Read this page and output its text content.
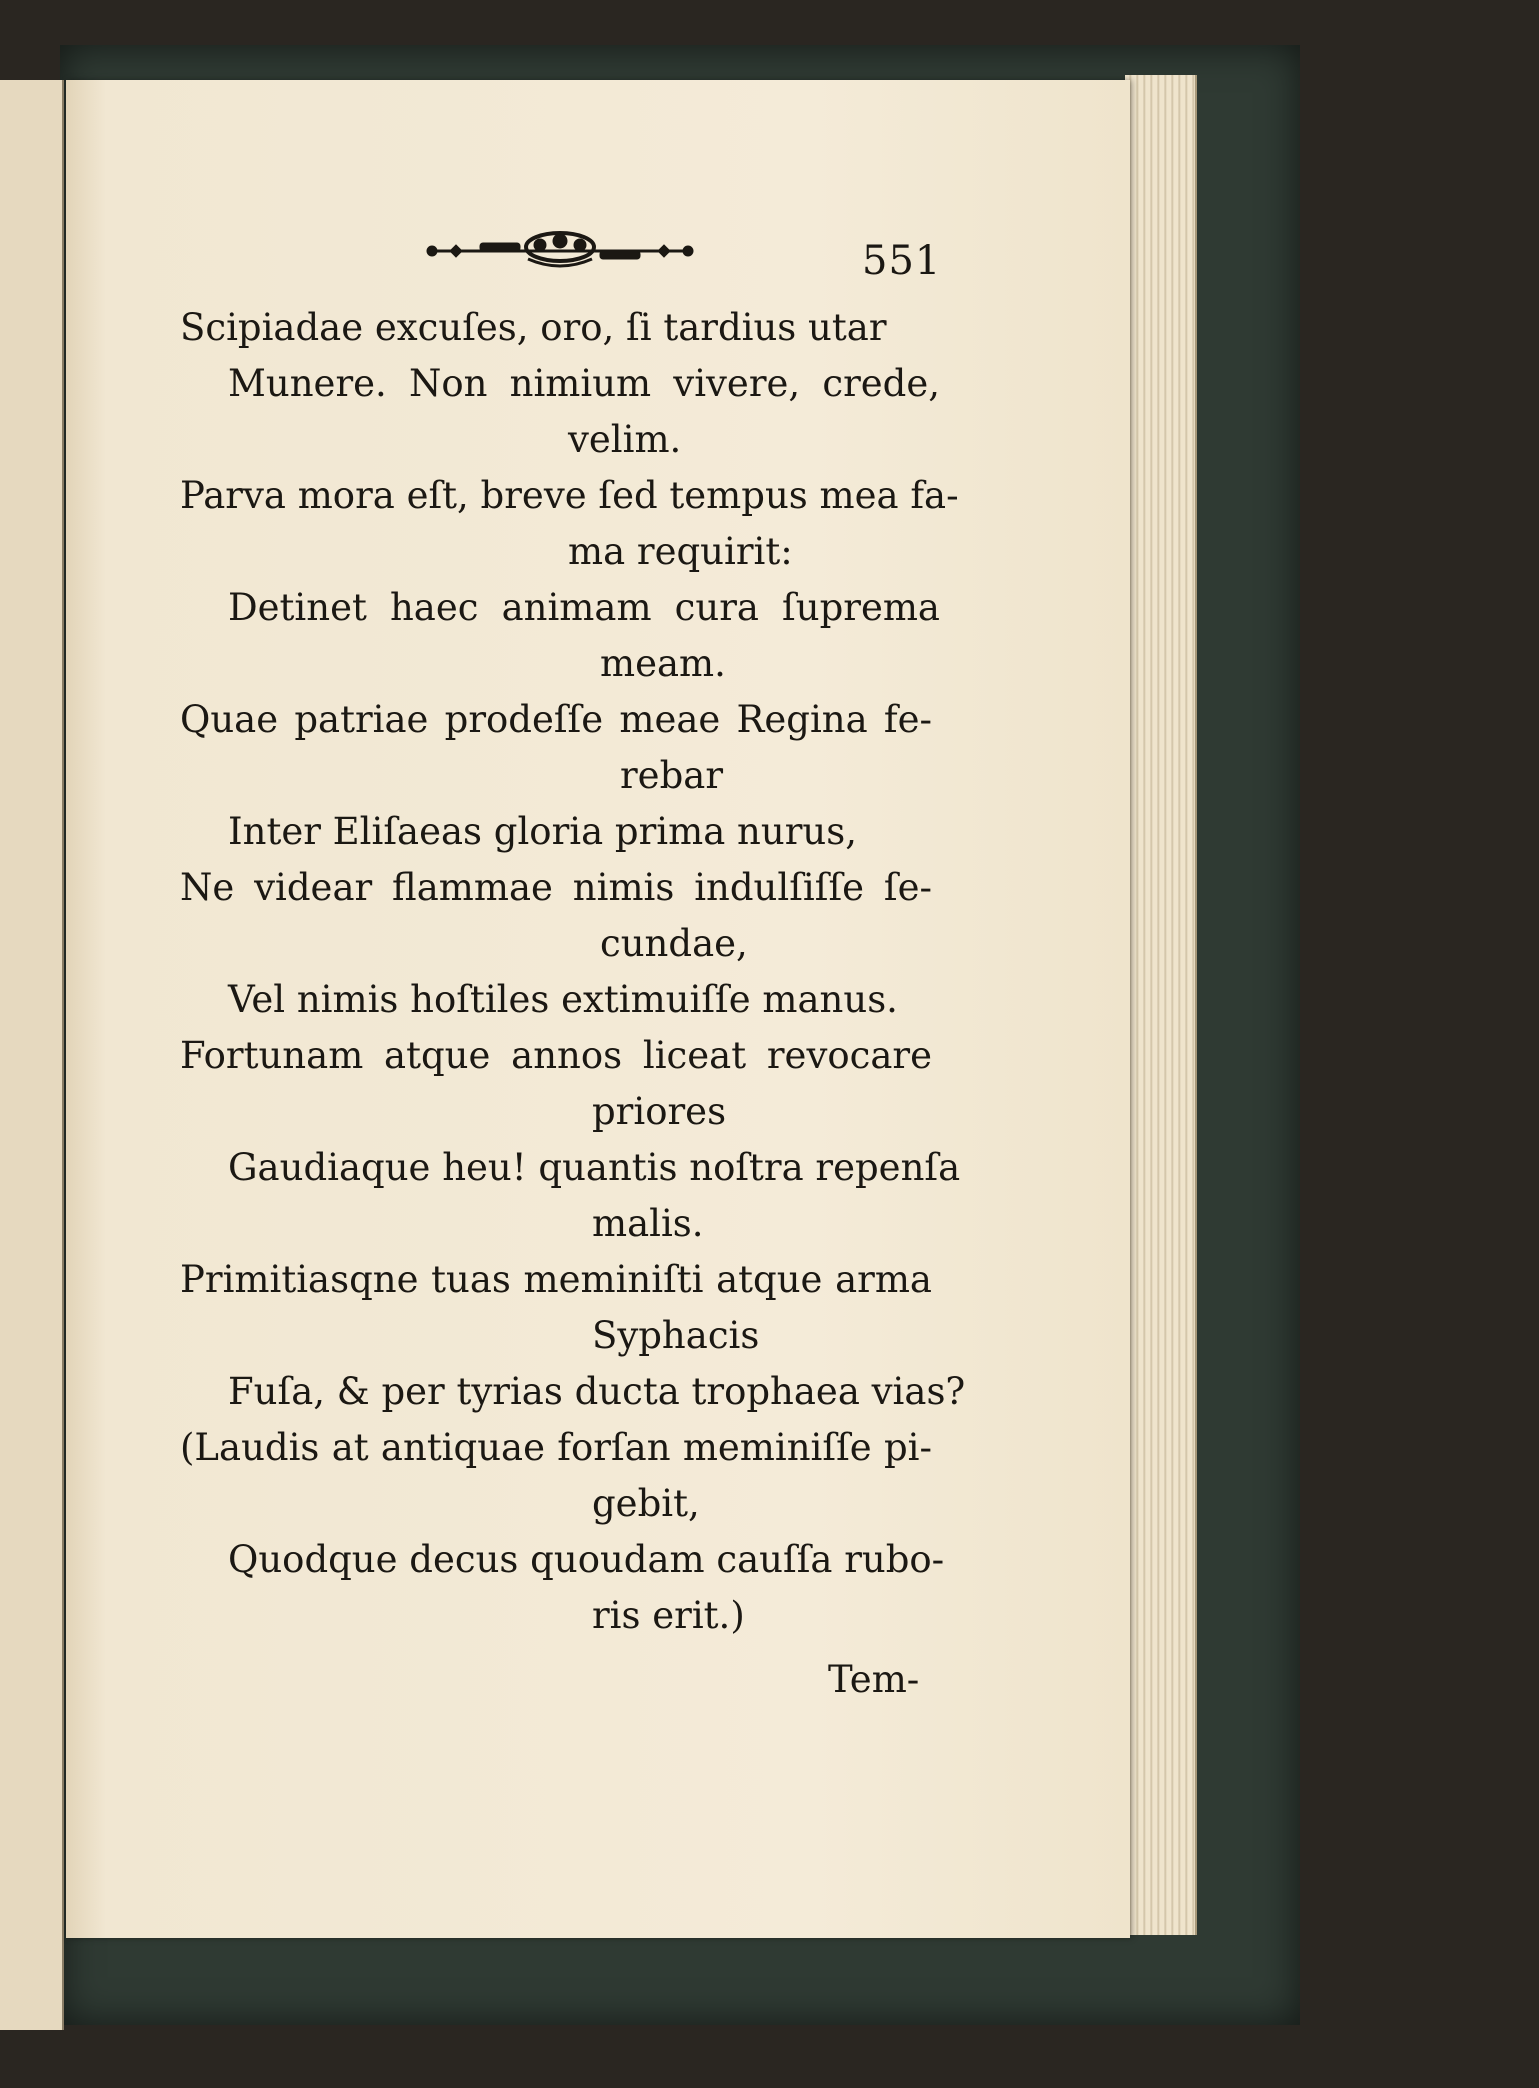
551
Scipiadae excuſes, oro, ſi tardius utar
Munere. Non nimium vivere, crede,
velim.
Parva mora eſt, breve ſed tempus mea fa-
ma requirit:
Detinet haec animam cura ſuprema
meam.
Quae patriae prodeſſe meae Regina fe-
rebar
Inter Eliſaeas gloria prima nurus,
Ne videar flammae nimis indulſiſſe ſe-
cundae,
Vel nimis hoſtiles extimuiſſe manus.
Fortunam atque annos liceat revocare
priores
Gaudiaque heu! quantis noſtra repenſa
malis.
Primitiasqne tuas meminiſti atque arma
Syphacis
Fuſa, & per tyrias ducta trophaea vias?
(Laudis at antiquae forſan meminiſſe pi-
gebit,
Quodque decus quoudam cauſſa rubo-
ris erit.)
Tem-
